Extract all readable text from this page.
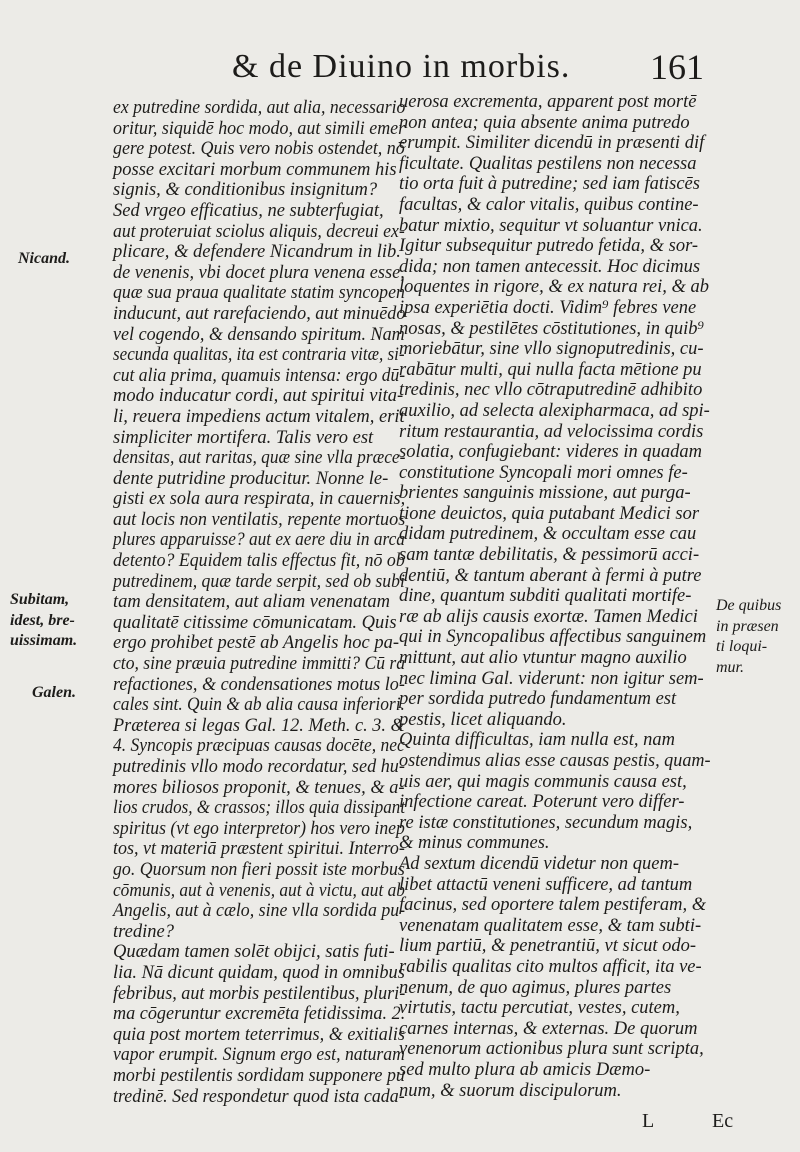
& de Diuino in morbis. 161
Nicand.
Subitam,
idest, bre-
uissimam.
Galen.
De quibus
in præsen
ti loqui-
mur.
ex putredine sordida, aut alia, necessario
oritur, siquidē hoc modo, aut simili emer
gere potest. Quis vero nobis ostendet, nō
posse excitari morbum communem his
signis, & conditionibus insignitum?
Sed vrgeo efficatius, ne subterfugiat,
aut proteruiat sciolus aliquis, decreui ex-
plicare, & defendere Nicandrum in lib.
de venenis, vbi docet plura venena esse,
quæ sua praua qualitate statim syncopen
inducunt, aut rarefaciendo, aut minuēdo
vel cogendo, & densando spiritum. Nam
secunda qualitas, ita est contraria vitæ, si-
cut alia prima, quamuis intensa: ergo dū-
modo inducatur cordi, aut spiritui vita-
li, reuera impediens actum vitalem, erit
simpliciter mortifera. Talis vero est
densitas, aut raritas, quæ sine vlla præce-
dente putridine producitur. Nonne le-
gisti ex sola aura respirata, in cauernis,
aut locis non ventilatis, repente mortuos
plures apparuisse? aut ex aere diu in arca
detento? Equidem talis effectus fit, nō ob
putredinem, quæ tarde serpit, sed ob subi
tam densitatem, aut aliam venenatam
qualitatē citissime cōmunicatam. Quis
ergo prohibet pestē ab Angelis hoc pa-
cto, sine præuia putredine immitti? Cū ra
refactiones, & condensationes motus lo-
cales sint. Quin & ab alia causa inferiori.
Præterea si legas Gal. 12. Meth. c. 3. &
4. Syncopis præcipuas causas docēte, nec
putredinis vllo modo recordatur, sed hu-
mores biliosos proponit, & tenues, & a-
lios crudos, & crassos; illos quia dissipant
spiritus (vt ego interpretor) hos vero inep
tos, vt materiā præstent spiritui. Interro-
go. Quorsum non fieri possit iste morbus
cōmunis, aut à venenis, aut à victu, aut ab
Angelis, aut à cælo, sine vlla sordida pu-
tredine?
Quædam tamen solēt obijci, satis futi-
lia. Nā dicunt quidam, quod in omnibus
febribus, aut morbis pestilentibus, pluri-
ma cōgeruntur excremēta fetidissima. 2.
quia post mortem teterrimus, & exitialis
vapor erumpit. Signum ergo est, naturam
morbi pestilentis sordidam supponere pu
tredinē. Sed respondetur quod ista cada-
uerosa excrementa, apparent post mortē
non antea; quia absente anima putredo
erumpit. Similiter dicendū in præsenti dif
ficultate. Qualitas pestilens non necessa
tio orta fuit à putredine; sed iam fatiscēs
facultas, & calor vitalis, quibus contine-
batur mixtio, sequitur vt soluantur vnica.
Igitur subsequitur putredo fetida, & sor-
dida; non tamen antecessit. Hoc dicimus
loquentes in rigore, & ex natura rei, & ab
ipsa experiētia docti. Vidim⁹ febres vene
nosas, & pestilētes cōstitutiones, in quib⁹
moriebātur, sine vllo signoputredinis, cu-
rabātur multi, qui nulla facta mētione pu
tredinis, nec vllo cōtraputredinē adhibito
auxilio, ad selecta alexipharmaca, ad spi-
ritum restaurantia, ad velocissima cordis
solatia, confugiebant: videres in quadam
constitutione Syncopali mori omnes fe-
brientes sanguinis missione, aut purga-
tione deuictos, quia putabant Medici sor
didam putredinem, & occultam esse cau
sam tantæ debilitatis, & pessimorū acci-
dentiū, & tantum aberant à fermi à putre
dine, quantum subditi qualitati mortife-
ræ ab alijs causis exortæ. Tamen Medici
qui in Syncopalibus affectibus sanguinem
mittunt, aut alio vtuntur magno auxilio
nec limina Gal. viderunt: non igitur sem-
per sordida putredo fundamentum est
pestis, licet aliquando.
Quinta difficultas, iam nulla est, nam
ostendimus alias esse causas pestis, quam-
uis aer, qui magis communis causa est,
infectione careat. Poterunt vero differ-
re istæ constitutiones, secundum magis,
& minus communes.
Ad sextum dicendū videtur non quem-
libet attactū veneni sufficere, ad tantum
facinus, sed oportere talem pestiferam, &
venenatam qualitatem esse, & tam subti-
lium partiū, & penetrantiū, vt sicut odo-
rabilis qualitas cito multos afficit, ita ve-
nenum, de quo agimus, plures partes
virtutis, tactu percutiat, vestes, cutem,
carnes internas, & externas. De quorum
venenorum actionibus plura sunt scripta,
sed multo plura ab amicis Dæmo-
num, & suorum discipulorum.
L	Ec
